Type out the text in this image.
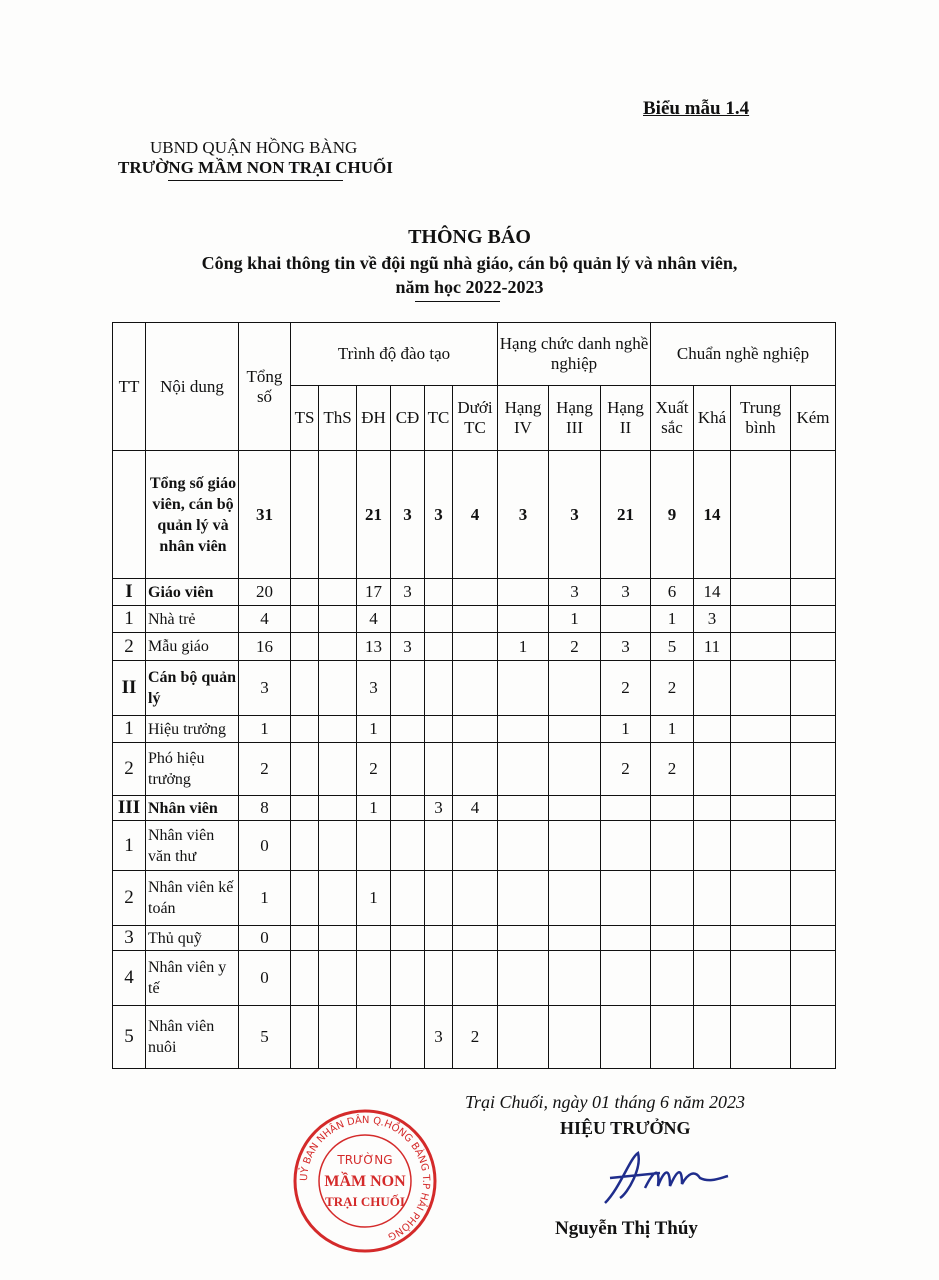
Biểu mẫu 1.4
UBND QUẬN HỒNG BÀNG
TRƯỜNG MẦM NON TRẠI CHUỐI
THÔNG BÁO
Công khai thông tin về đội ngũ nhà giáo, cán bộ quản lý và nhân viên,
năm học 2022-2023
TT	Nội dung	Tổng số	Trình độ đào tạo						Hạng chức danh nghề nghiệp			Chuẩn nghề nghiệp			
			TS	ThS	ĐH	CĐ	TC	Dưới TC	Hạng IV	Hạng III	Hạng II	Xuất sắc	Khá	Trung bình	Kém
	Tổng số giáo viên, cán bộ quản lý và nhân viên	31			21	3	3	4	3	3	21	9	14		
I	Giáo viên	20			17	3				3	3	6	14		
1	Nhà trẻ	4			4					1		1	3		
2	Mẫu giáo	16			13	3			1	2	3	5	11		
II	Cán bộ quản lý	3			3						2	2			
1	Hiệu trưởng	1			1						1	1			
2	Phó hiệu trưởng	2			2						2	2			
III	Nhân viên	8			1		3	4							
1	Nhân viên văn thư	0													
2	Nhân viên kế toán	1			1										
3	Thủ quỹ	0													
4	Nhân viên y tế	0													
5	Nhân viên nuôi	5					3	2							
UỶ BAN NHÂN DÂN Q.HỒNG BÀNG T.P HẢI PHÒNG
TRƯỜNG
MẦM NON
TRẠI CHUỐI
Trại Chuối, ngày 01 tháng 6 năm 2023
HIỆU TRƯỞNG
Nguyễn Thị Thúy
